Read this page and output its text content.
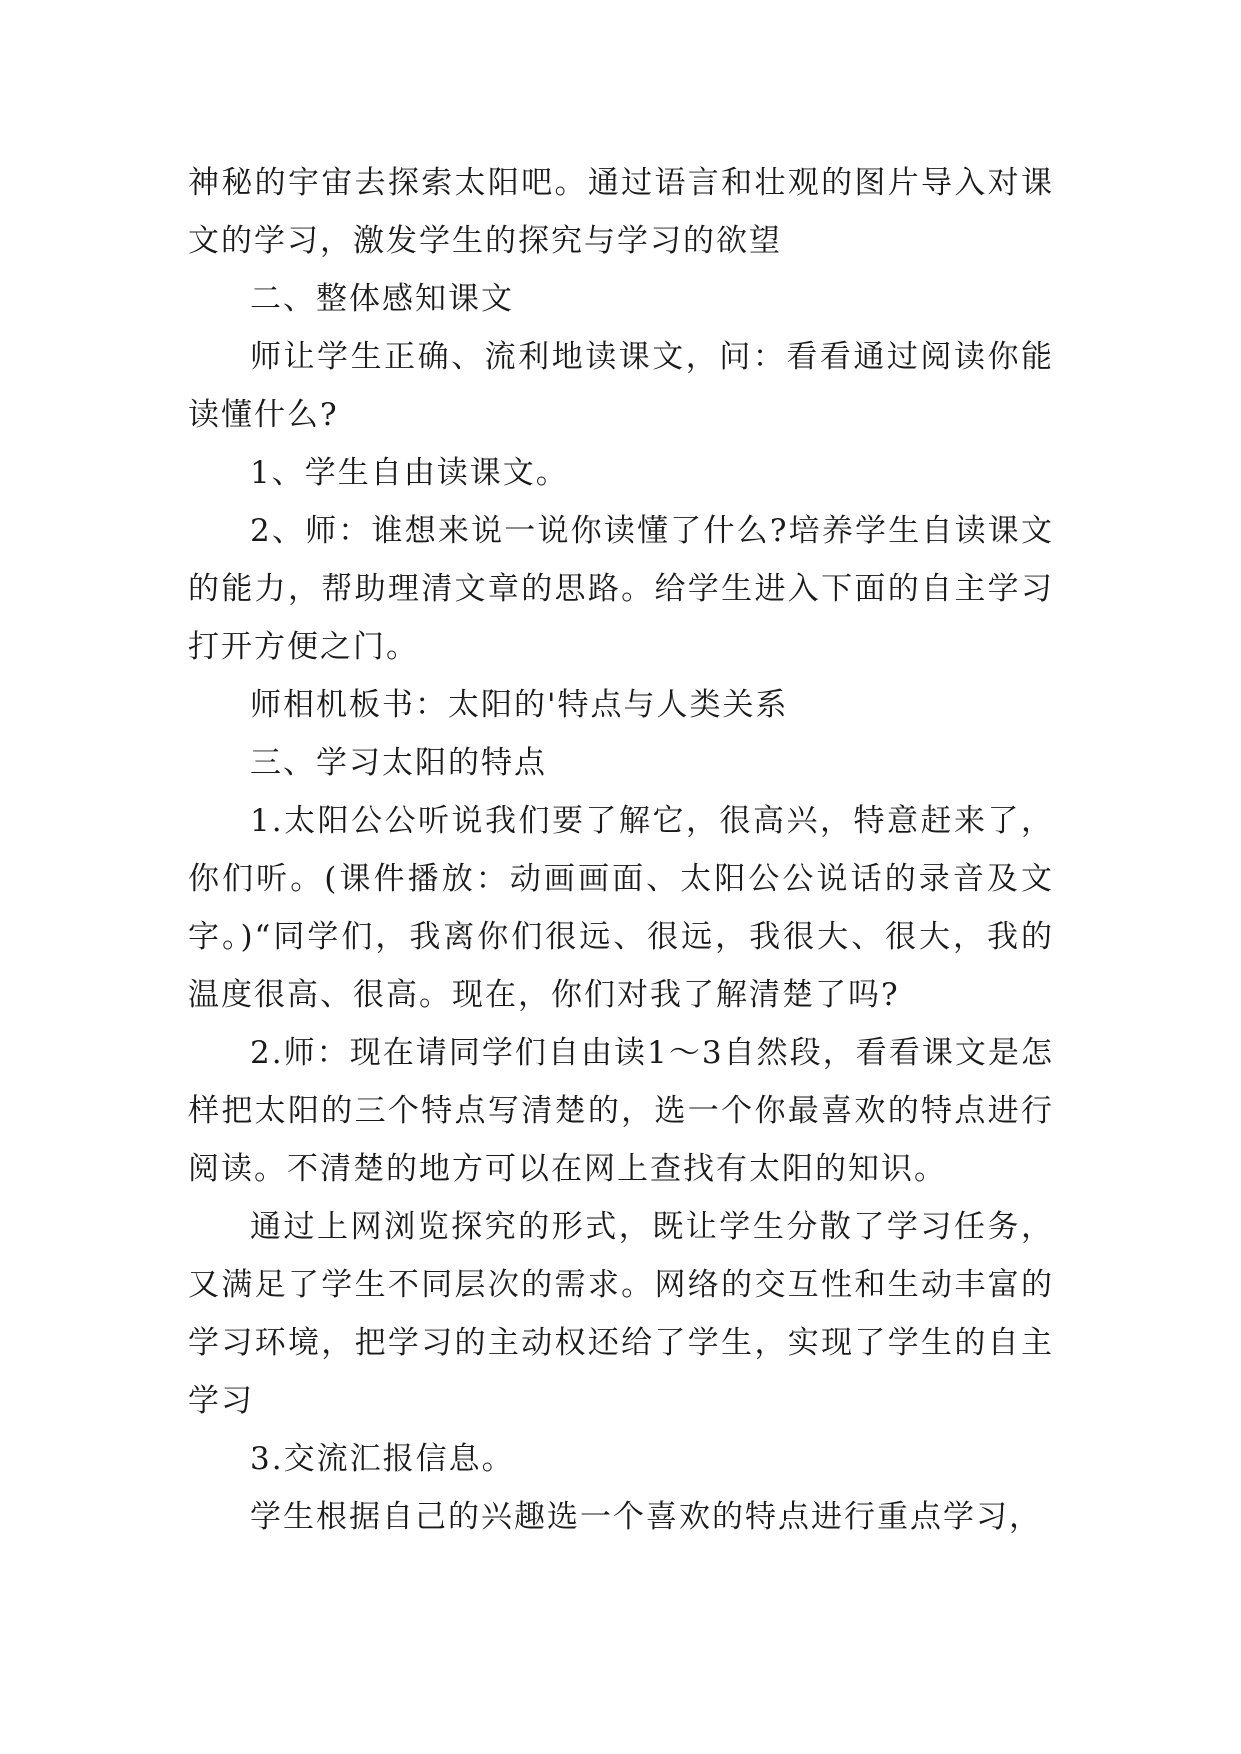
神秘的宇宙去探索太阳吧。通过语言和壮观的图片导入对课文的学习，激发学生的探究与学习的欲望

二、整体感知课文

师让学生正确、流利地读课文，问：看看通过阅读你能读懂什么?

1、学生自由读课文。

2、师：谁想来说一说你读懂了什么?培养学生自读课文的能力，帮助理清文章的思路。给学生进入下面的自主学习打开方便之门。

师相机板书：太阳的'特点与人类关系

三、学习太阳的特点

1.太阳公公听说我们要了解它，很高兴，特意赶来了，你们听。(课件播放：动画画面、太阳公公说话的录音及文字。)“同学们，我离你们很远、很远，我很大、很大，我的温度很高、很高。现在，你们对我了解清楚了吗?

2.师：现在请同学们自由读1～3自然段，看看课文是怎样把太阳的三个特点写清楚的，选一个你最喜欢的特点进行阅读。不清楚的地方可以在网上查找有太阳的知识。

通过上网浏览探究的形式，既让学生分散了学习任务，又满足了学生不同层次的需求。网络的交互性和生动丰富的学习环境，把学习的主动权还给了学生，实现了学生的自主学习

3.交流汇报信息。

学生根据自己的兴趣选一个喜欢的特点进行重点学习，
